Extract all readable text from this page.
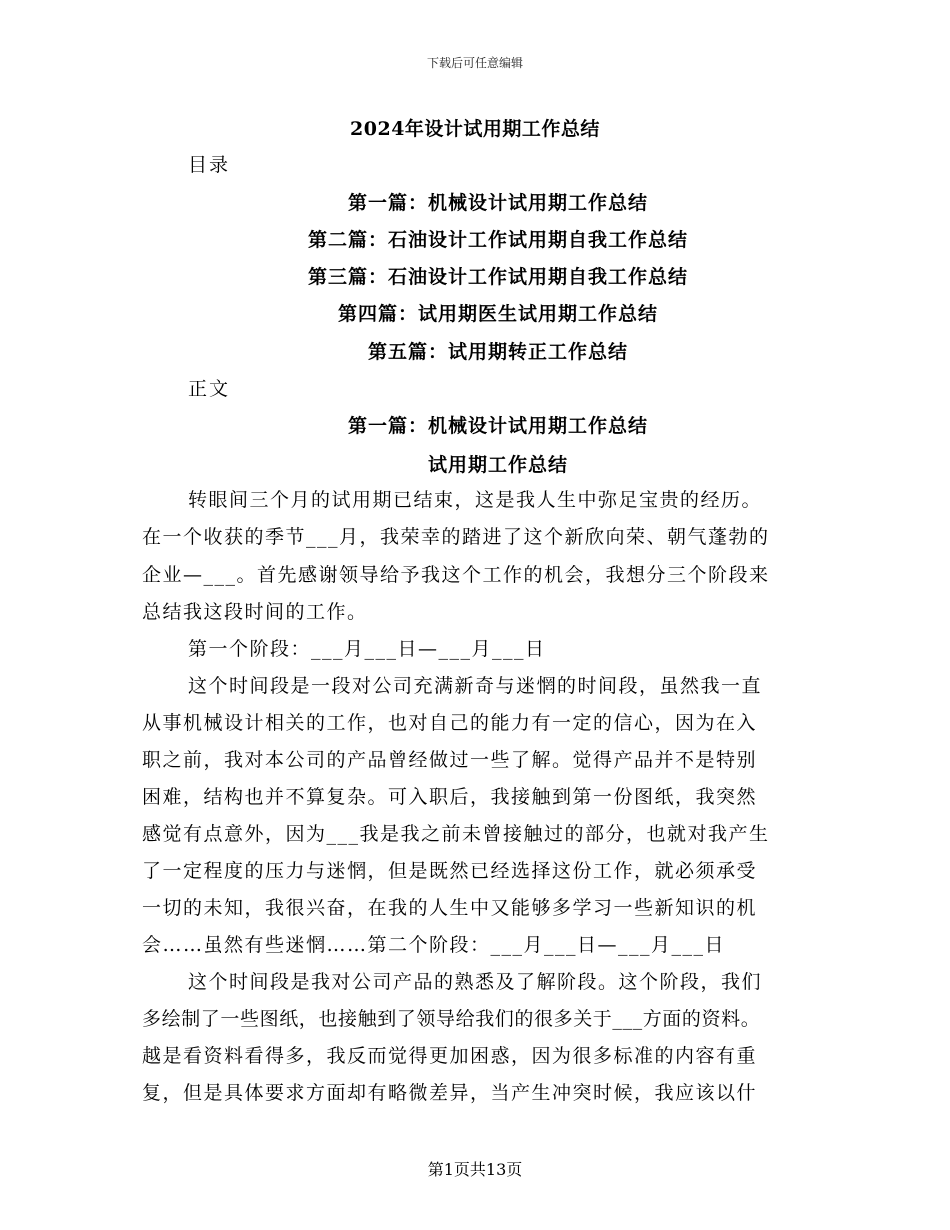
下载后可任意编辑
2024年设计试用期工作总结
目录
第一篇：机械设计试用期工作总结
第二篇：石油设计工作试用期自我工作总结
第三篇：石油设计工作试用期自我工作总结
第四篇：试用期医生试用期工作总结
第五篇：试用期转正工作总结
正文
第一篇：机械设计试用期工作总结
试用期工作总结
转眼间三个月的试用期已结束，这是我人生中弥足宝贵的经历。
在一个收获的季节___月，我荣幸的踏进了这个新欣向荣、朝气蓬勃的
企业—___。首先感谢领导给予我这个工作的机会，我想分三个阶段来
总结我这段时间的工作。
第一个阶段：___月___日—___月___日
这个时间段是一段对公司充满新奇与迷惘的时间段，虽然我一直
从事机械设计相关的工作，也对自己的能力有一定的信心，因为在入
职之前，我对本公司的产品曾经做过一些了解。觉得产品并不是特别
困难，结构也并不算复杂。可入职后，我接触到第一份图纸，我突然
感觉有点意外，因为___我是我之前未曾接触过的部分，也就对我产生
了一定程度的压力与迷惘，但是既然已经选择这份工作，就必须承受
一切的未知，我很兴奋，在我的人生中又能够多学习一些新知识的机
会……虽然有些迷惘……第二个阶段：___月___日—___月___日
这个时间段是我对公司产品的熟悉及了解阶段。这个阶段，我们
多绘制了一些图纸，也接触到了领导给我们的很多关于___方面的资料。
越是看资料看得多，我反而觉得更加困惑，因为很多标准的内容有重
复，但是具体要求方面却有略微差异，当产生冲突时候，我应该以什
第1页共13页
